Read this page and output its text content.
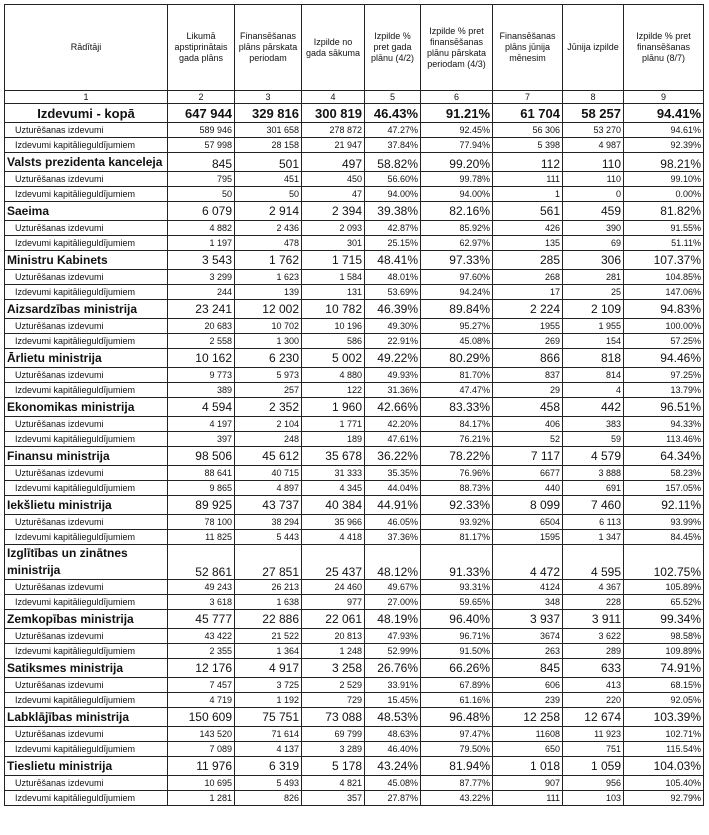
Rādītāji	Likumā apstiprinātais gada plāns	Finansēšanas plāns pārskata periodam	Izpilde no gada sākuma	Izpilde % pret gada plānu (4/2)	Izpilde % pret finansēšanas plānu pārskata periodam (4/3)	Finansēšanas plāns jūnija mēnesim	Jūnija izpilde	Izpilde % pret finansēšanas plānu (8/7)
1	2	3	4	5	6	7	8	9
Izdevumi - kopā	647 944	329 816	300 819	46.43%	91.21%	61 704	58 257	94.41%
Uzturēšanas izdevumi	589 946	301 658	278 872	47.27%	92.45%	56 306	53 270	94.61%
Izdevumi kapitālieguldījumiem	57 998	28 158	21 947	37.84%	77.94%	5 398	4 987	92.39%
Valsts prezidenta kanceleja	845	501	497	58.82%	99.20%	112	110	98.21%
Uzturēšanas izdevumi	795	451	450	56.60%	99.78%	111	110	99.10%
Izdevumi kapitālieguldījumiem	50	50	47	94.00%	94.00%	1	0	0.00%
Saeima	6 079	2 914	2 394	39.38%	82.16%	561	459	81.82%
Uzturēšanas izdevumi	4 882	2 436	2 093	42.87%	85.92%	426	390	91.55%
Izdevumi kapitālieguldījumiem	1 197	478	301	25.15%	62.97%	135	69	51.11%
Ministru Kabinets	3 543	1 762	1 715	48.41%	97.33%	285	306	107.37%
Uzturēšanas izdevumi	3 299	1 623	1 584	48.01%	97.60%	268	281	104.85%
Izdevumi kapitālieguldījumiem	244	139	131	53.69%	94.24%	17	25	147.06%
Aizsardzības ministrija	23 241	12 002	10 782	46.39%	89.84%	2 224	2 109	94.83%
Uzturēšanas izdevumi	20 683	10 702	10 196	49.30%	95.27%	1955	1 955	100.00%
Izdevumi kapitālieguldījumiem	2 558	1 300	586	22.91%	45.08%	269	154	57.25%
Ārlietu ministrija	10 162	6 230	5 002	49.22%	80.29%	866	818	94.46%
Uzturēšanas izdevumi	9 773	5 973	4 880	49.93%	81.70%	837	814	97.25%
Izdevumi kapitālieguldījumiem	389	257	122	31.36%	47.47%	29	4	13.79%
Ekonomikas ministrija	4 594	2 352	1 960	42.66%	83.33%	458	442	96.51%
Uzturēšanas izdevumi	4 197	2 104	1 771	42.20%	84.17%	406	383	94.33%
Izdevumi kapitālieguldījumiem	397	248	189	47.61%	76.21%	52	59	113.46%
Finansu ministrija	98 506	45 612	35 678	36.22%	78.22%	7 117	4 579	64.34%
Uzturēšanas izdevumi	88 641	40 715	31 333	35.35%	76.96%	6677	3 888	58.23%
Izdevumi kapitālieguldījumiem	9 865	4 897	4 345	44.04%	88.73%	440	691	157.05%
Iekšlietu ministrija	89 925	43 737	40 384	44.91%	92.33%	8 099	7 460	92.11%
Uzturēšanas izdevumi	78 100	38 294	35 966	46.05%	93.92%	6504	6 113	93.99%
Izdevumi kapitālieguldījumiem	11 825	5 443	4 418	37.36%	81.17%	1595	1 347	84.45%
Izglītības un zinātnes ministrija	52 861	27 851	25 437	48.12%	91.33%	4 472	4 595	102.75%
Uzturēšanas izdevumi	49 243	26 213	24 460	49.67%	93.31%	4124	4 367	105.89%
Izdevumi kapitālieguldījumiem	3 618	1 638	977	27.00%	59.65%	348	228	65.52%
Zemkopības ministrija	45 777	22 886	22 061	48.19%	96.40%	3 937	3 911	99.34%
Uzturēšanas izdevumi	43 422	21 522	20 813	47.93%	96.71%	3674	3 622	98.58%
Izdevumi kapitālieguldījumiem	2 355	1 364	1 248	52.99%	91.50%	263	289	109.89%
Satiksmes ministrija	12 176	4 917	3 258	26.76%	66.26%	845	633	74.91%
Uzturēšanas izdevumi	7 457	3 725	2 529	33.91%	67.89%	606	413	68.15%
Izdevumi kapitālieguldījumiem	4 719	1 192	729	15.45%	61.16%	239	220	92.05%
Labklājības ministrija	150 609	75 751	73 088	48.53%	96.48%	12 258	12 674	103.39%
Uzturēšanas izdevumi	143 520	71 614	69 799	48.63%	97.47%	11608	11 923	102.71%
Izdevumi kapitālieguldījumiem	7 089	4 137	3 289	46.40%	79.50%	650	751	115.54%
Tieslietu ministrija	11 976	6 319	5 178	43.24%	81.94%	1 018	1 059	104.03%
Uzturēšanas izdevumi	10 695	5 493	4 821	45.08%	87.77%	907	956	105.40%
Izdevumi kapitālieguldījumiem	1 281	826	357	27.87%	43.22%	111	103	92.79%
